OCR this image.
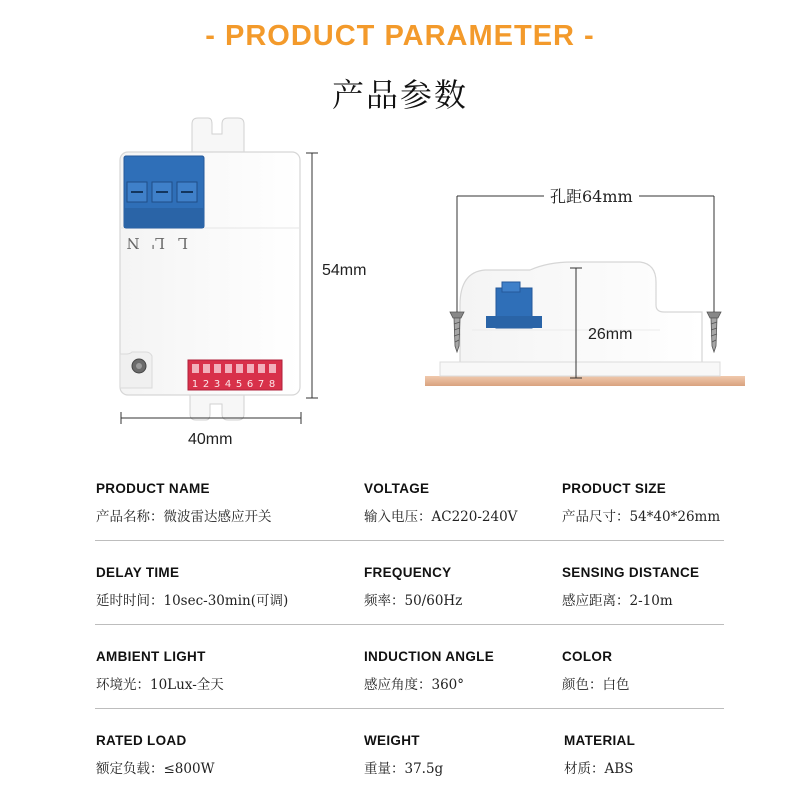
- PRODUCT PARAMETER -
产品参数
N L' L
1 2 3 4 5 6 7 8
54mm
40mm
孔距64mm
26mm
PRODUCT NAME
产品名称：微波雷达感应开关
VOLTAGE
输入电压：AC220-240V
PRODUCT SIZE
产品尺寸：54*40*26mm
DELAY TIME
延时时间：10sec-30min(可调)
FREQUENCY
频率：50/60Hz
SENSING DISTANCE
感应距离：2-10m
AMBIENT LIGHT
环境光：10Lux-全天
INDUCTION ANGLE
感应角度：360°
COLOR
颜色：白色
RATED LOAD
额定负载：≤800W
WEIGHT
重量：37.5g
MATERIAL
材质：ABS
